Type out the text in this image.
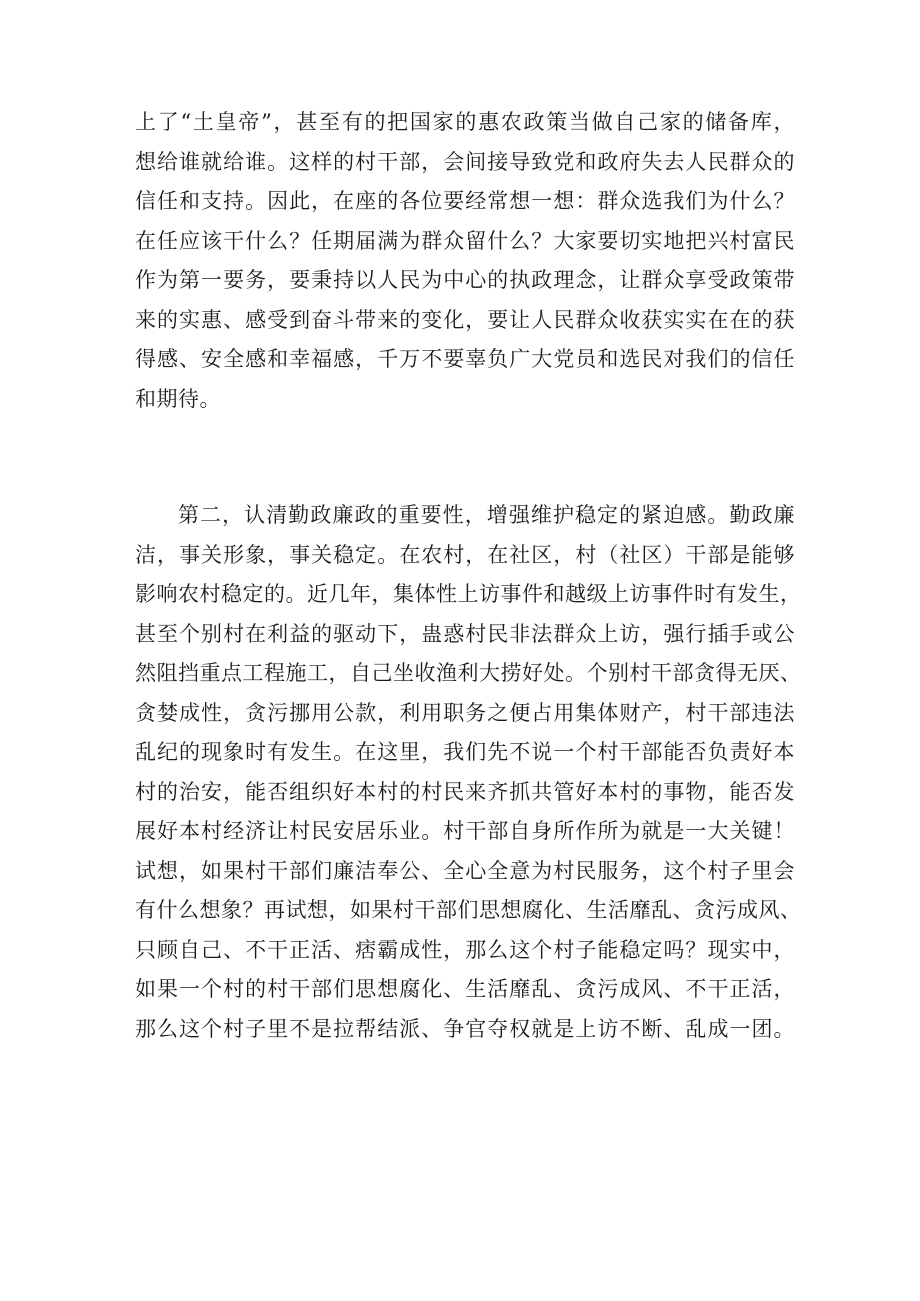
上了“土皇帝”，甚至有的把国家的惠农政策当做自己家的储备库，
想给谁就给谁。这样的村干部，会间接导致党和政府失去人民群众的
信任和支持。因此，在座的各位要经常想一想：群众选我们为什么？
在任应该干什么？任期届满为群众留什么？大家要切实地把兴村富民
作为第一要务，要秉持以人民为中心的执政理念，让群众享受政策带
来的实惠、感受到奋斗带来的变化，要让人民群众收获实实在在的获
得感、安全感和幸福感，千万不要辜负广大党员和选民对我们的信任
和期待。
第二，认清勤政廉政的重要性，增强维护稳定的紧迫感。勤政廉
洁，事关形象，事关稳定。在农村，在社区，村（社区）干部是能够
影响农村稳定的。近几年，集体性上访事件和越级上访事件时有发生，
甚至个别村在利益的驱动下，蛊惑村民非法群众上访，强行插手或公
然阻挡重点工程施工，自己坐收渔利大捞好处。个别村干部贪得无厌、
贪婪成性，贪污挪用公款，利用职务之便占用集体财产，村干部违法
乱纪的现象时有发生。在这里，我们先不说一个村干部能否负责好本
村的治安，能否组织好本村的村民来齐抓共管好本村的事物，能否发
展好本村经济让村民安居乐业。村干部自身所作所为就是一大关键！
试想，如果村干部们廉洁奉公、全心全意为村民服务，这个村子里会
有什么想象？再试想，如果村干部们思想腐化、生活靡乱、贪污成风、
只顾自己、不干正活、痞霸成性，那么这个村子能稳定吗？现实中，
如果一个村的村干部们思想腐化、生活靡乱、贪污成风、不干正活，
那么这个村子里不是拉帮结派、争官夺权就是上访不断、乱成一团。
